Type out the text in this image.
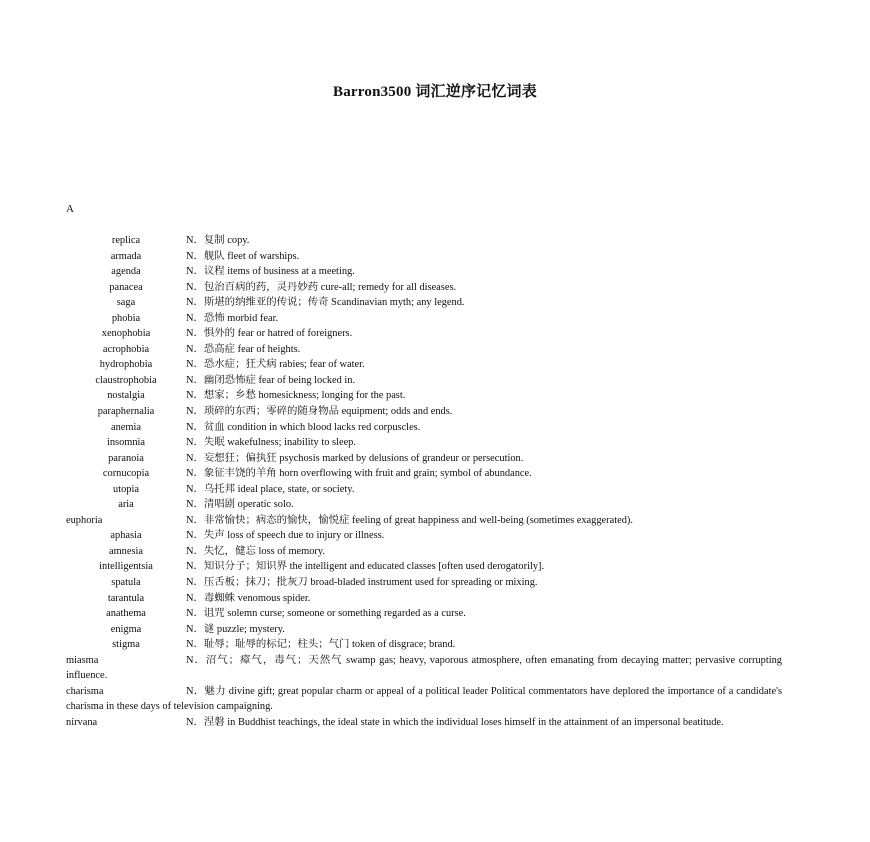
Barron3500 词汇逆序记忆词表
A
replica	N．复制 copy.
armada	N．舰队 fleet of warships.
agenda	N．议程 items of business at a meeting.
panacea	N．包治百病的药，灵丹妙药 cure-all; remedy for all diseases.
saga	N．斯堪的纳维亚的传说；传奇 Scandinavian myth; any legend.
phobia	N．恐怖 morbid fear.
xenophobia	N．惧外的 fear or hatred of foreigners.
acrophobia	N．恐高症 fear of heights.
hydrophobia	N．恐水症；狂犬病 rabies; fear of water.
claustrophobia	N．幽闭恐怖症 fear of being locked in.
nostalgia	N．想家；乡愁 homesickness; longing for the past.
paraphernalia	N．琐碎的东西；零碎的随身物品 equipment; odds and ends.
anemia	N．贫血 condition in which blood lacks red corpuscles.
insomnia	N．失眠 wakefulness; inability to sleep.
paranoia	N．妄想狂；偏执狂 psychosis marked by delusions of grandeur or persecution.
cornucopia	N．象征丰饶的羊角 horn overflowing with fruit and grain; symbol of abundance.
utopia	N．乌托邦 ideal place, state, or society.
aria	N．清唱剧 operatic solo.
euphoria	N．非常愉快；病态的愉快，愉悦症 feeling of great happiness and well-being (sometimes exaggerated).
aphasia	N．失声 loss of speech due to injury or illness.
amnesia	N．失忆，健忘 loss of memory.
intelligentsia	N．知识分子；知识界 the intelligent and educated classes [often used derogatorily].
spatula	N．压舌板；抹刀；批灰刀 broad-bladed instrument used for spreading or mixing.
tarantula	N．毒蜘蛛 venomous spider.
anathema	N．诅咒 solemn curse; someone or something regarded as a curse.
enigma	N．谜 puzzle; mystery.
stigma	N．耻辱；耻辱的标记；柱头；气门 token of disgrace; brand.
miasma	N．沼气；瘴气，毒气；天然气 swamp gas; heavy, vaporous atmosphere, often emanating from decaying matter; pervasive corrupting influence.
charisma	N．魅力 divine gift; great popular charm or appeal of a political leader Political commentators have deplored the importance of a candidate's charisma in these days of television campaigning.
nirvana	N．涅磐 in Buddhist teachings, the ideal state in which the individual loses himself in the attainment of an impersonal beatitude.
